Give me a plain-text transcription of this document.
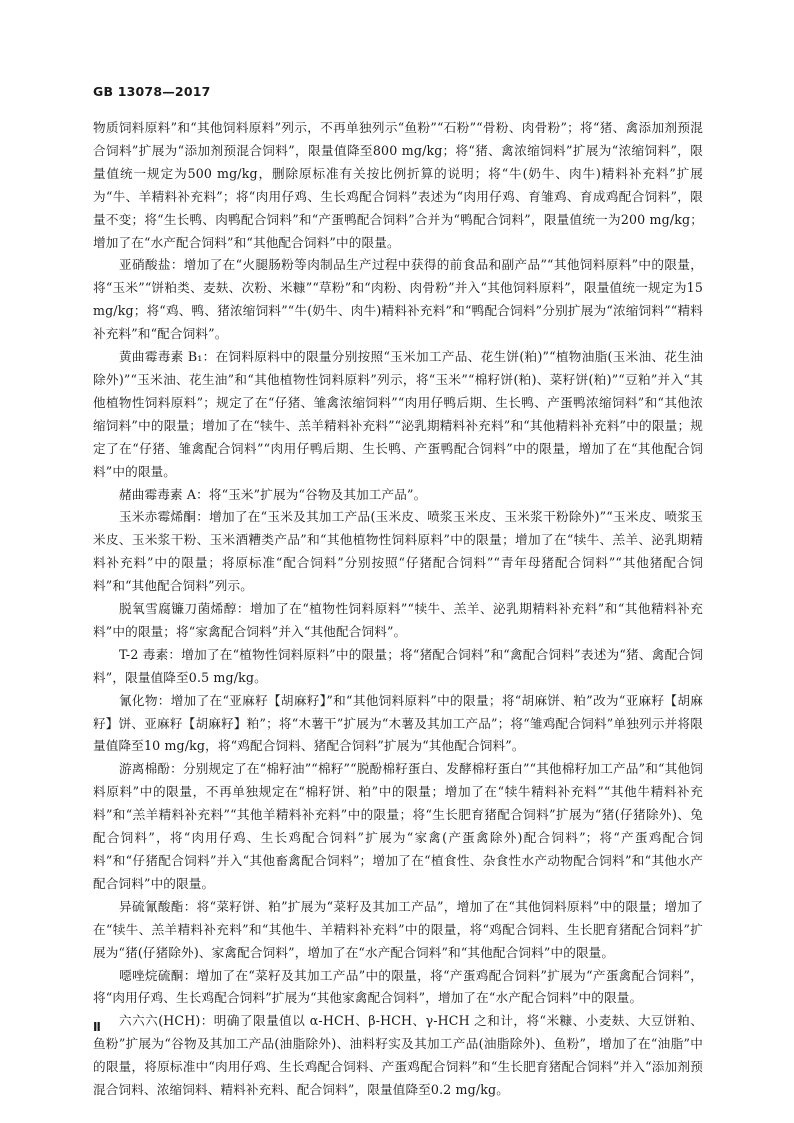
GB 13078—2017

物质饲料原料”和“其他饲料原料”列示，不再单独列示“鱼粉”“石粉”“骨粉、肉骨粉”；将“猪、禽添加剂预混合饲料”扩展为“添加剂预混合饲料”，限量值降至800 mg/kg；将“猪、禽浓缩饲料”扩展为“浓缩饲料”，限量值统一规定为500 mg/kg，删除原标准有关按比例折算的说明；将“牛(奶牛、肉牛)精料补充料”扩展为“牛、羊精料补充料”；将“肉用仔鸡、生长鸡配合饲料”表述为“肉用仔鸡、育雏鸡、育成鸡配合饲料”，限量不变；将“生长鸭、肉鸭配合饲料”和“产蛋鸭配合饲料”合并为“鸭配合饲料”，限量值统一为200 mg/kg；增加了在“水产配合饲料”和“其他配合饲料”中的限量。

亚硝酸盐：增加了在“火腿肠粉等肉制品生产过程中获得的前食品和副产品”“其他饲料原料”中的限量，将“玉米”“饼粕类、麦麸、次粉、米糠”“草粉”和“肉粉、肉骨粉”并入“其他饲料原料”，限量值统一规定为15 mg/kg；将“鸡、鸭、猪浓缩饲料”“牛(奶牛、肉牛)精料补充料”和“鸭配合饲料”分别扩展为“浓缩饲料”“精料补充料”和“配合饲料”。

黄曲霉毒素 B₁：在饲料原料中的限量分别按照“玉米加工产品、花生饼(粕)”“植物油脂(玉米油、花生油除外)”“玉米油、花生油”和“其他植物性饲料原料”列示，将“玉米”“棉籽饼(粕)、菜籽饼(粕)”“豆粕”并入“其他植物性饲料原料”；规定了在“仔猪、雏禽浓缩饲料”“肉用仔鸭后期、生长鸭、产蛋鸭浓缩饲料”和“其他浓缩饲料”中的限量；增加了在“犊牛、羔羊精料补充料”“泌乳期精料补充料”和“其他精料补充料”中的限量；规定了在“仔猪、雏禽配合饲料”“肉用仔鸭后期、生长鸭、产蛋鸭配合饲料”中的限量，增加了在“其他配合饲料”中的限量。

赭曲霉毒素 A：将“玉米”扩展为“谷物及其加工产品”。

玉米赤霉烯酮：增加了在“玉米及其加工产品(玉米皮、喷浆玉米皮、玉米浆干粉除外)”“玉米皮、喷浆玉米皮、玉米浆干粉、玉米酒糟类产品”和“其他植物性饲料原料”中的限量；增加了在“犊牛、羔羊、泌乳期精料补充料”中的限量；将原标准“配合饲料”分别按照“仔猪配合饲料”“青年母猪配合饲料”“其他猪配合饲料”和“其他配合饲料”列示。

脱氧雪腐镰刀菌烯醇：增加了在“植物性饲料原料”“犊牛、羔羊、泌乳期精料补充料”和“其他精料补充料”中的限量；将“家禽配合饲料”并入“其他配合饲料”。

T-2 毒素：增加了在“植物性饲料原料”中的限量；将“猪配合饲料”和“禽配合饲料”表述为“猪、禽配合饲料”，限量值降至0.5 mg/kg。

氰化物：增加了在“亚麻籽【胡麻籽】”和“其他饲料原料”中的限量；将“胡麻饼、粕”改为“亚麻籽【胡麻籽】饼、亚麻籽【胡麻籽】粕”；将“木薯干”扩展为“木薯及其加工产品”；将“雏鸡配合饲料”单独列示并将限量值降至10 mg/kg，将“鸡配合饲料、猪配合饲料”扩展为“其他配合饲料”。

游离棉酚：分别规定了在“棉籽油”“棉籽”“脱酚棉籽蛋白、发酵棉籽蛋白”“其他棉籽加工产品”和“其他饲料原料”中的限量，不再单独规定在“棉籽饼、粕”中的限量；增加了在“犊牛精料补充料”“其他牛精料补充料”和“羔羊精料补充料”“其他羊精料补充料”中的限量；将“生长肥育猪配合饲料”扩展为“猪(仔猪除外)、兔配合饲料”，将“肉用仔鸡、生长鸡配合饲料”扩展为“家禽(产蛋禽除外)配合饲料”；将“产蛋鸡配合饲料”和“仔猪配合饲料”并入“其他畜禽配合饲料”；增加了在“植食性、杂食性水产动物配合饲料”和“其他水产配合饲料”中的限量。

异硫氰酸酯：将“菜籽饼、粕”扩展为“菜籽及其加工产品”，增加了在“其他饲料原料”中的限量；增加了在“犊牛、羔羊精料补充料”和“其他牛、羊精料补充料”中的限量，将“鸡配合饲料、生长肥育猪配合饲料”扩展为“猪(仔猪除外)、家禽配合饲料”，增加了在“水产配合饲料”和“其他配合饲料”中的限量。

噁唑烷硫酮：增加了在“菜籽及其加工产品”中的限量，将“产蛋鸡配合饲料”扩展为“产蛋禽配合饲料”，将“肉用仔鸡、生长鸡配合饲料”扩展为“其他家禽配合饲料”，增加了在“水产配合饲料”中的限量。

六六六(HCH)：明确了限量值以 α-HCH、β-HCH、γ-HCH 之和计，将“米糠、小麦麸、大豆饼粕、鱼粉”扩展为“谷物及其加工产品(油脂除外)、油料籽实及其加工产品(油脂除外)、鱼粉”，增加了在“油脂”中的限量，将原标准中“肉用仔鸡、生长鸡配合饲料、产蛋鸡配合饲料”和“生长肥育猪配合饲料”并入“添加剂预混合饲料、浓缩饲料、精料补充料、配合饲料”，限量值降至0.2 mg/kg。

Ⅱ
